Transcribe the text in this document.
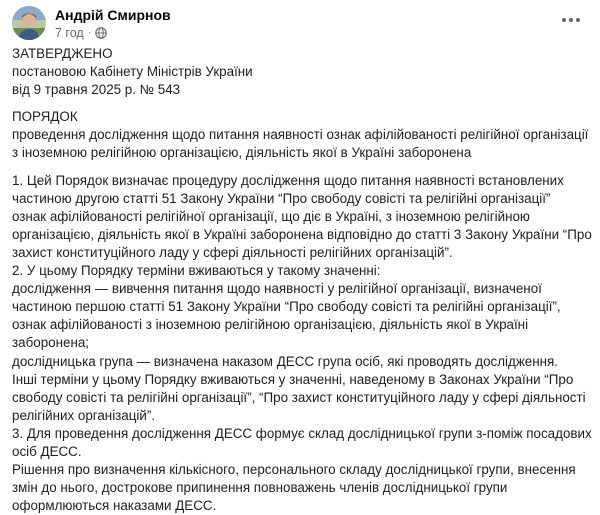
Андрій Смирнов
7 год ·

ЗАТВЕРДЖЕНО

постановою Кабінету Міністрів України

від 9 травня 2025 р. № 543

ПОРЯДОК

проведення дослідження щодо питання наявності ознак афілійованості релігійної організації

з іноземною релігійною організацією, діяльність якої в Україні заборонена

1. Цей Порядок визначає процедуру дослідження щодо питання наявності встановлених

частиною другою статті 51 Закону України “Про свободу совісті та релігійні організації”

ознак афілійованості релігійної організації, що діє в Україні, з іноземною релігійною

організацією, діяльність якої в Україні заборонена відповідно до статті 3 Закону України “Про

захист конституційного ладу у сфері діяльності релігійних організацій”.

2. У цьому Порядку терміни вживаються у такому значенні:

дослідження — вивчення питання щодо наявності у релігійної організації, визначеної

частиною першою статті 51 Закону України “Про свободу совісті та релігійні організації”,

ознак афілійованості з іноземною релігійною організацією, діяльність якої в Україні

заборонена;

дослідницька група — визначена наказом ДЕСС група осіб, які проводять дослідження.

Інші терміни у цьому Порядку вживаються у значенні, наведеному в Законах України “Про

свободу совісті та релігійні організації”, “Про захист конституційного ладу у сфері діяльності

релігійних організацій”.

3. Для проведення дослідження ДЕСС формує склад дослідницької групи з-поміж посадових

осіб ДЕСС.

Рішення про визначення кількісного, персонального складу дослідницької групи, внесення

змін до нього, дострокове припинення повноважень членів дослідницької групи

оформлюються наказами ДЕСС.
